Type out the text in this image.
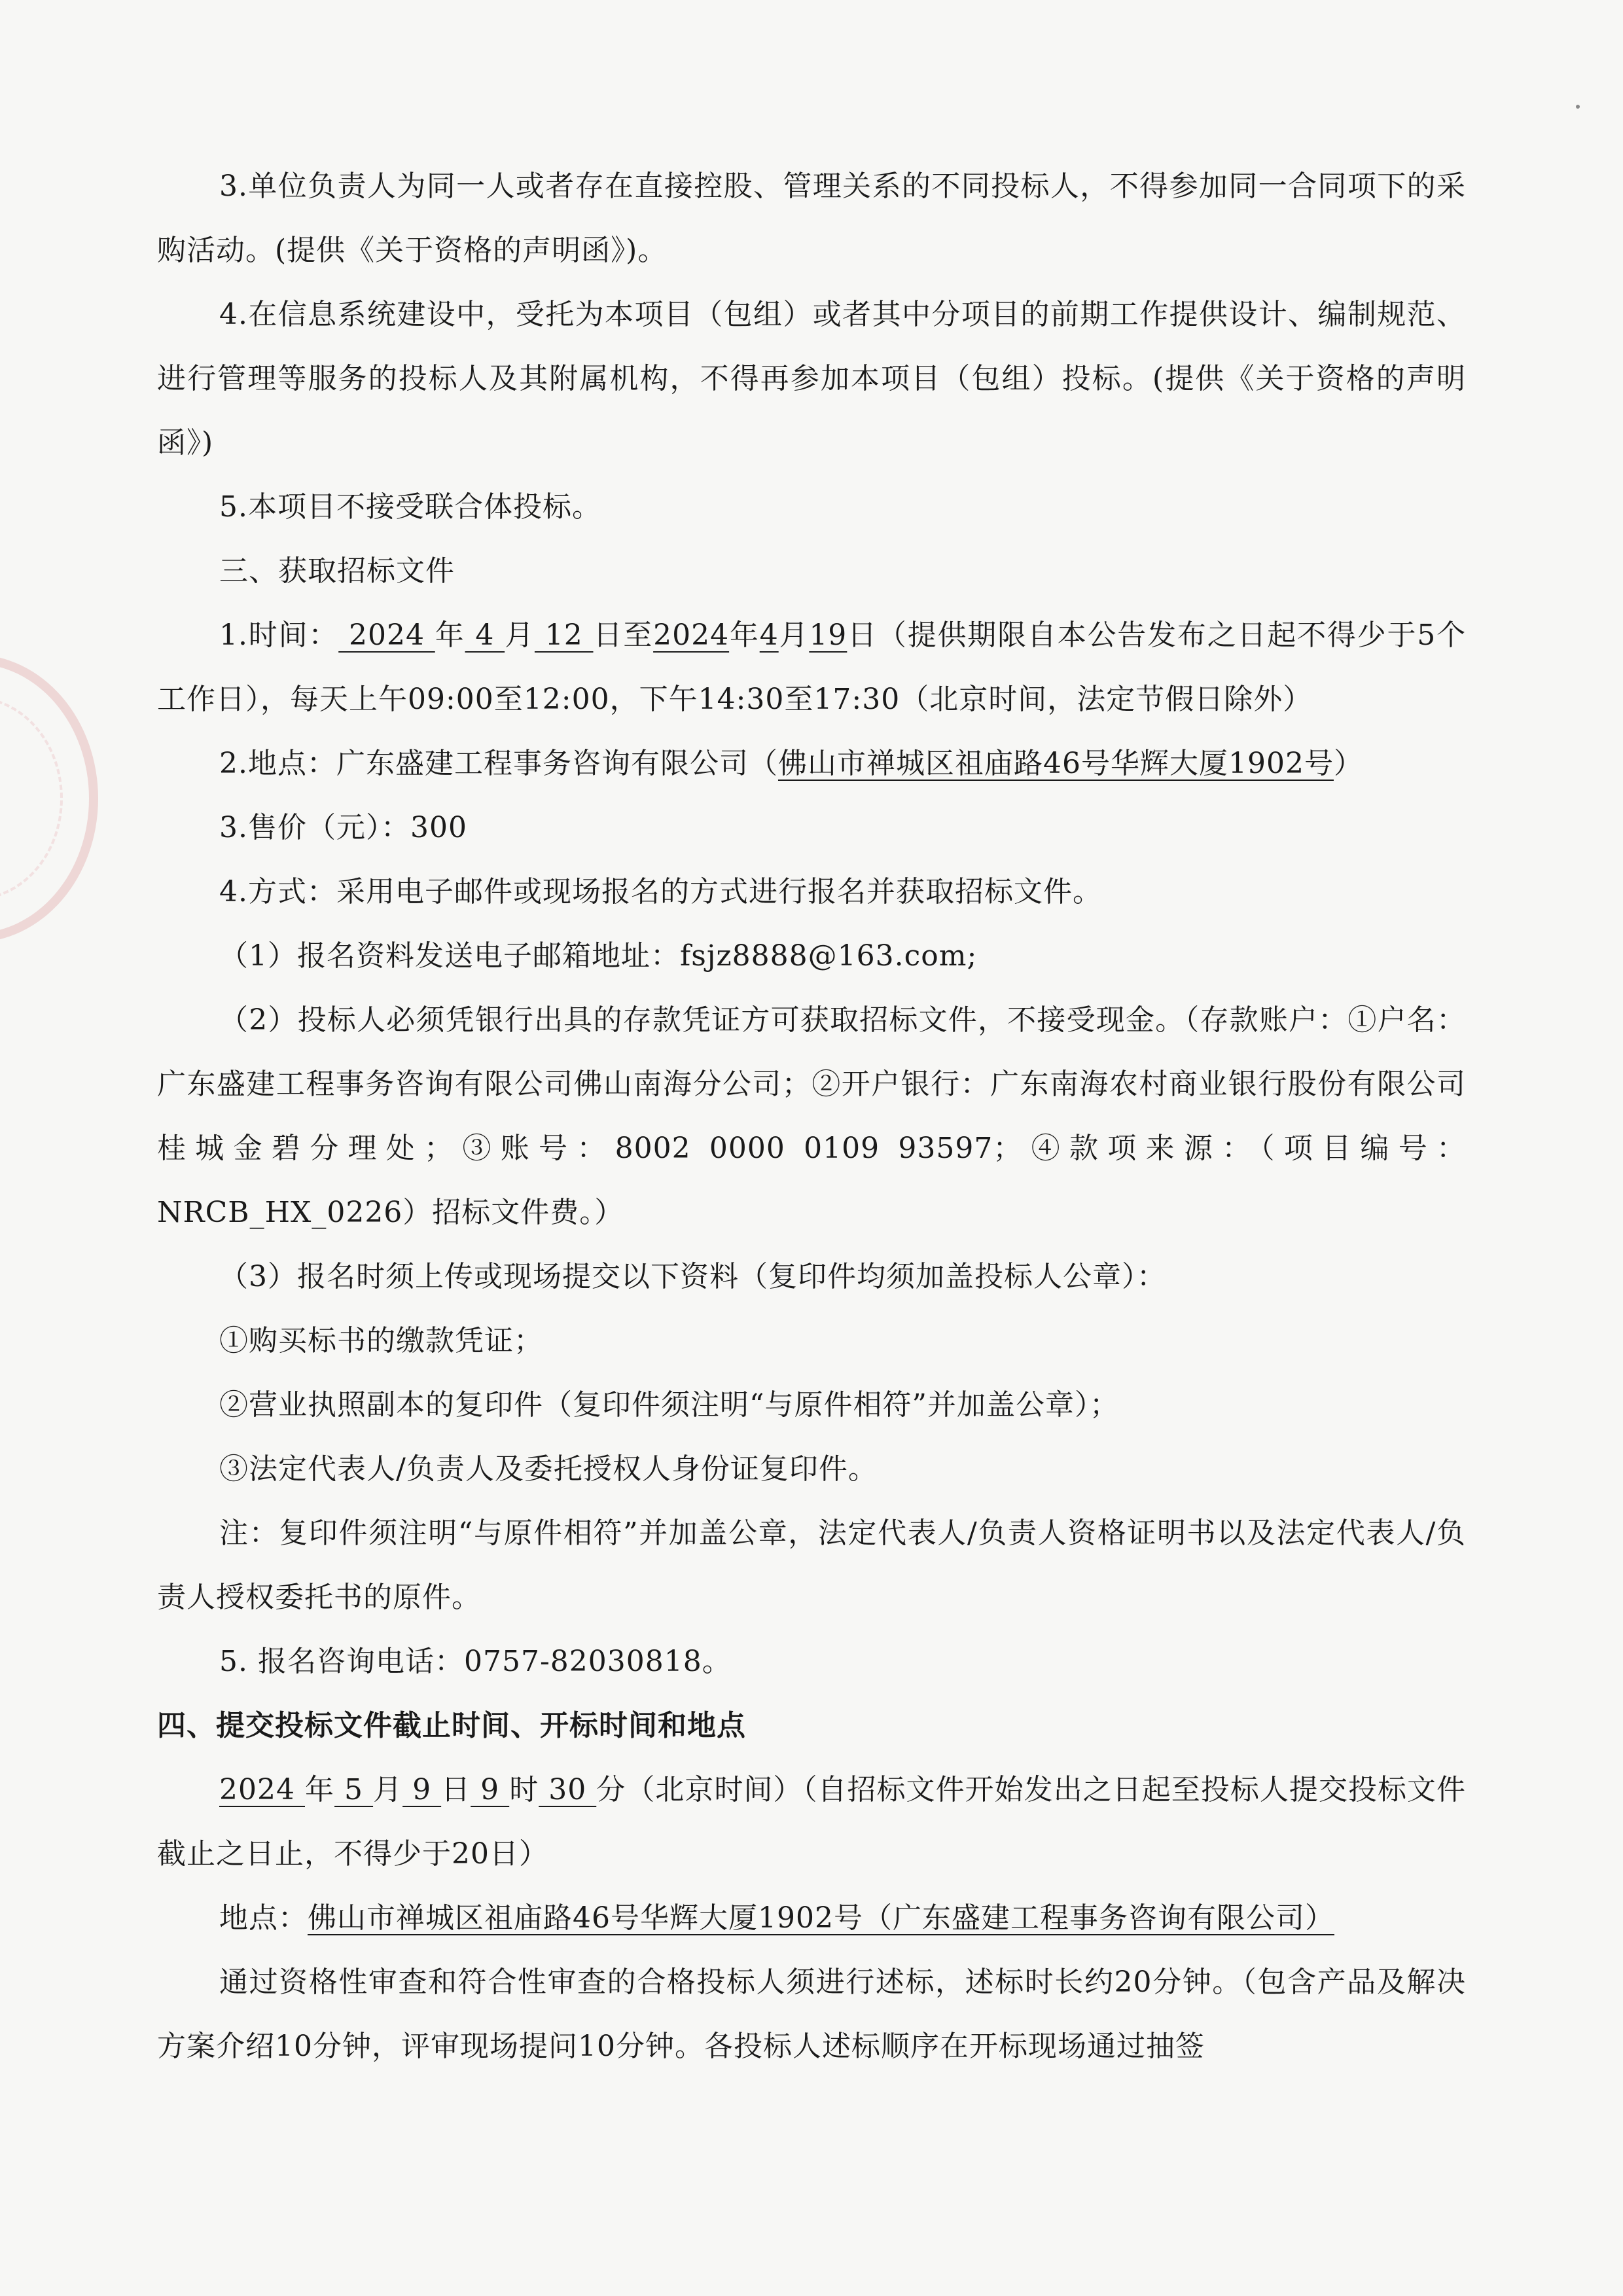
3.单位负责人为同一人或者存在直接控股、管理关系的不同投标人，不得参加同一合同项下的采购活动。(提供《关于资格的声明函》)。

4.在信息系统建设中，受托为本项目（包组）或者其中分项目的前期工作提供设计、编制规范、进行管理等服务的投标人及其附属机构，不得再参加本项目（包组）投标。(提供《关于资格的声明函》)

5.本项目不接受联合体投标。

三、获取招标文件

1.时间： 2024 年 4 月 12 日至2024年4月19日（提供期限自本公告发布之日起不得少于5个工作日），每天上午09:00至12:00，下午14:30至17:30（北京时间，法定节假日除外）

2.地点：广东盛建工程事务咨询有限公司（佛山市禅城区祖庙路46号华辉大厦1902号）

3.售价（元）：300

4.方式：采用电子邮件或现场报名的方式进行报名并获取招标文件。

（1）报名资料发送电子邮箱地址：fsjz8888@163.com;

（2）投标人必须凭银行出具的存款凭证方可获取招标文件，不接受现金。（存款账户：①户名：广东盛建工程事务咨询有限公司佛山南海分公司；②开户银行：广东南海农村商业银行股份有限公司桂城金碧分理处；③账号：8002 0000 0109 93597；④款项来源：（项目编号：NRCB_HX_0226）招标文件费。）

（3）报名时须上传或现场提交以下资料（复印件均须加盖投标人公章）：

①购买标书的缴款凭证；

②营业执照副本的复印件（复印件须注明“与原件相符”并加盖公章）；

③法定代表人/负责人及委托授权人身份证复印件。

注：复印件须注明“与原件相符”并加盖公章，法定代表人/负责人资格证明书以及法定代表人/负责人授权委托书的原件。

5. 报名咨询电话：0757-82030818。

四、提交投标文件截止时间、开标时间和地点

2024 年 5 月 9 日 9 时 30 分（北京时间）（自招标文件开始发出之日起至投标人提交投标文件截止之日止，不得少于20日）

地点：佛山市禅城区祖庙路46号华辉大厦1902号（广东盛建工程事务咨询有限公司）

通过资格性审查和符合性审查的合格投标人须进行述标，述标时长约20分钟。（包含产品及解决方案介绍10分钟，评审现场提问10分钟。各投标人述标顺序在开标现场通过抽签
